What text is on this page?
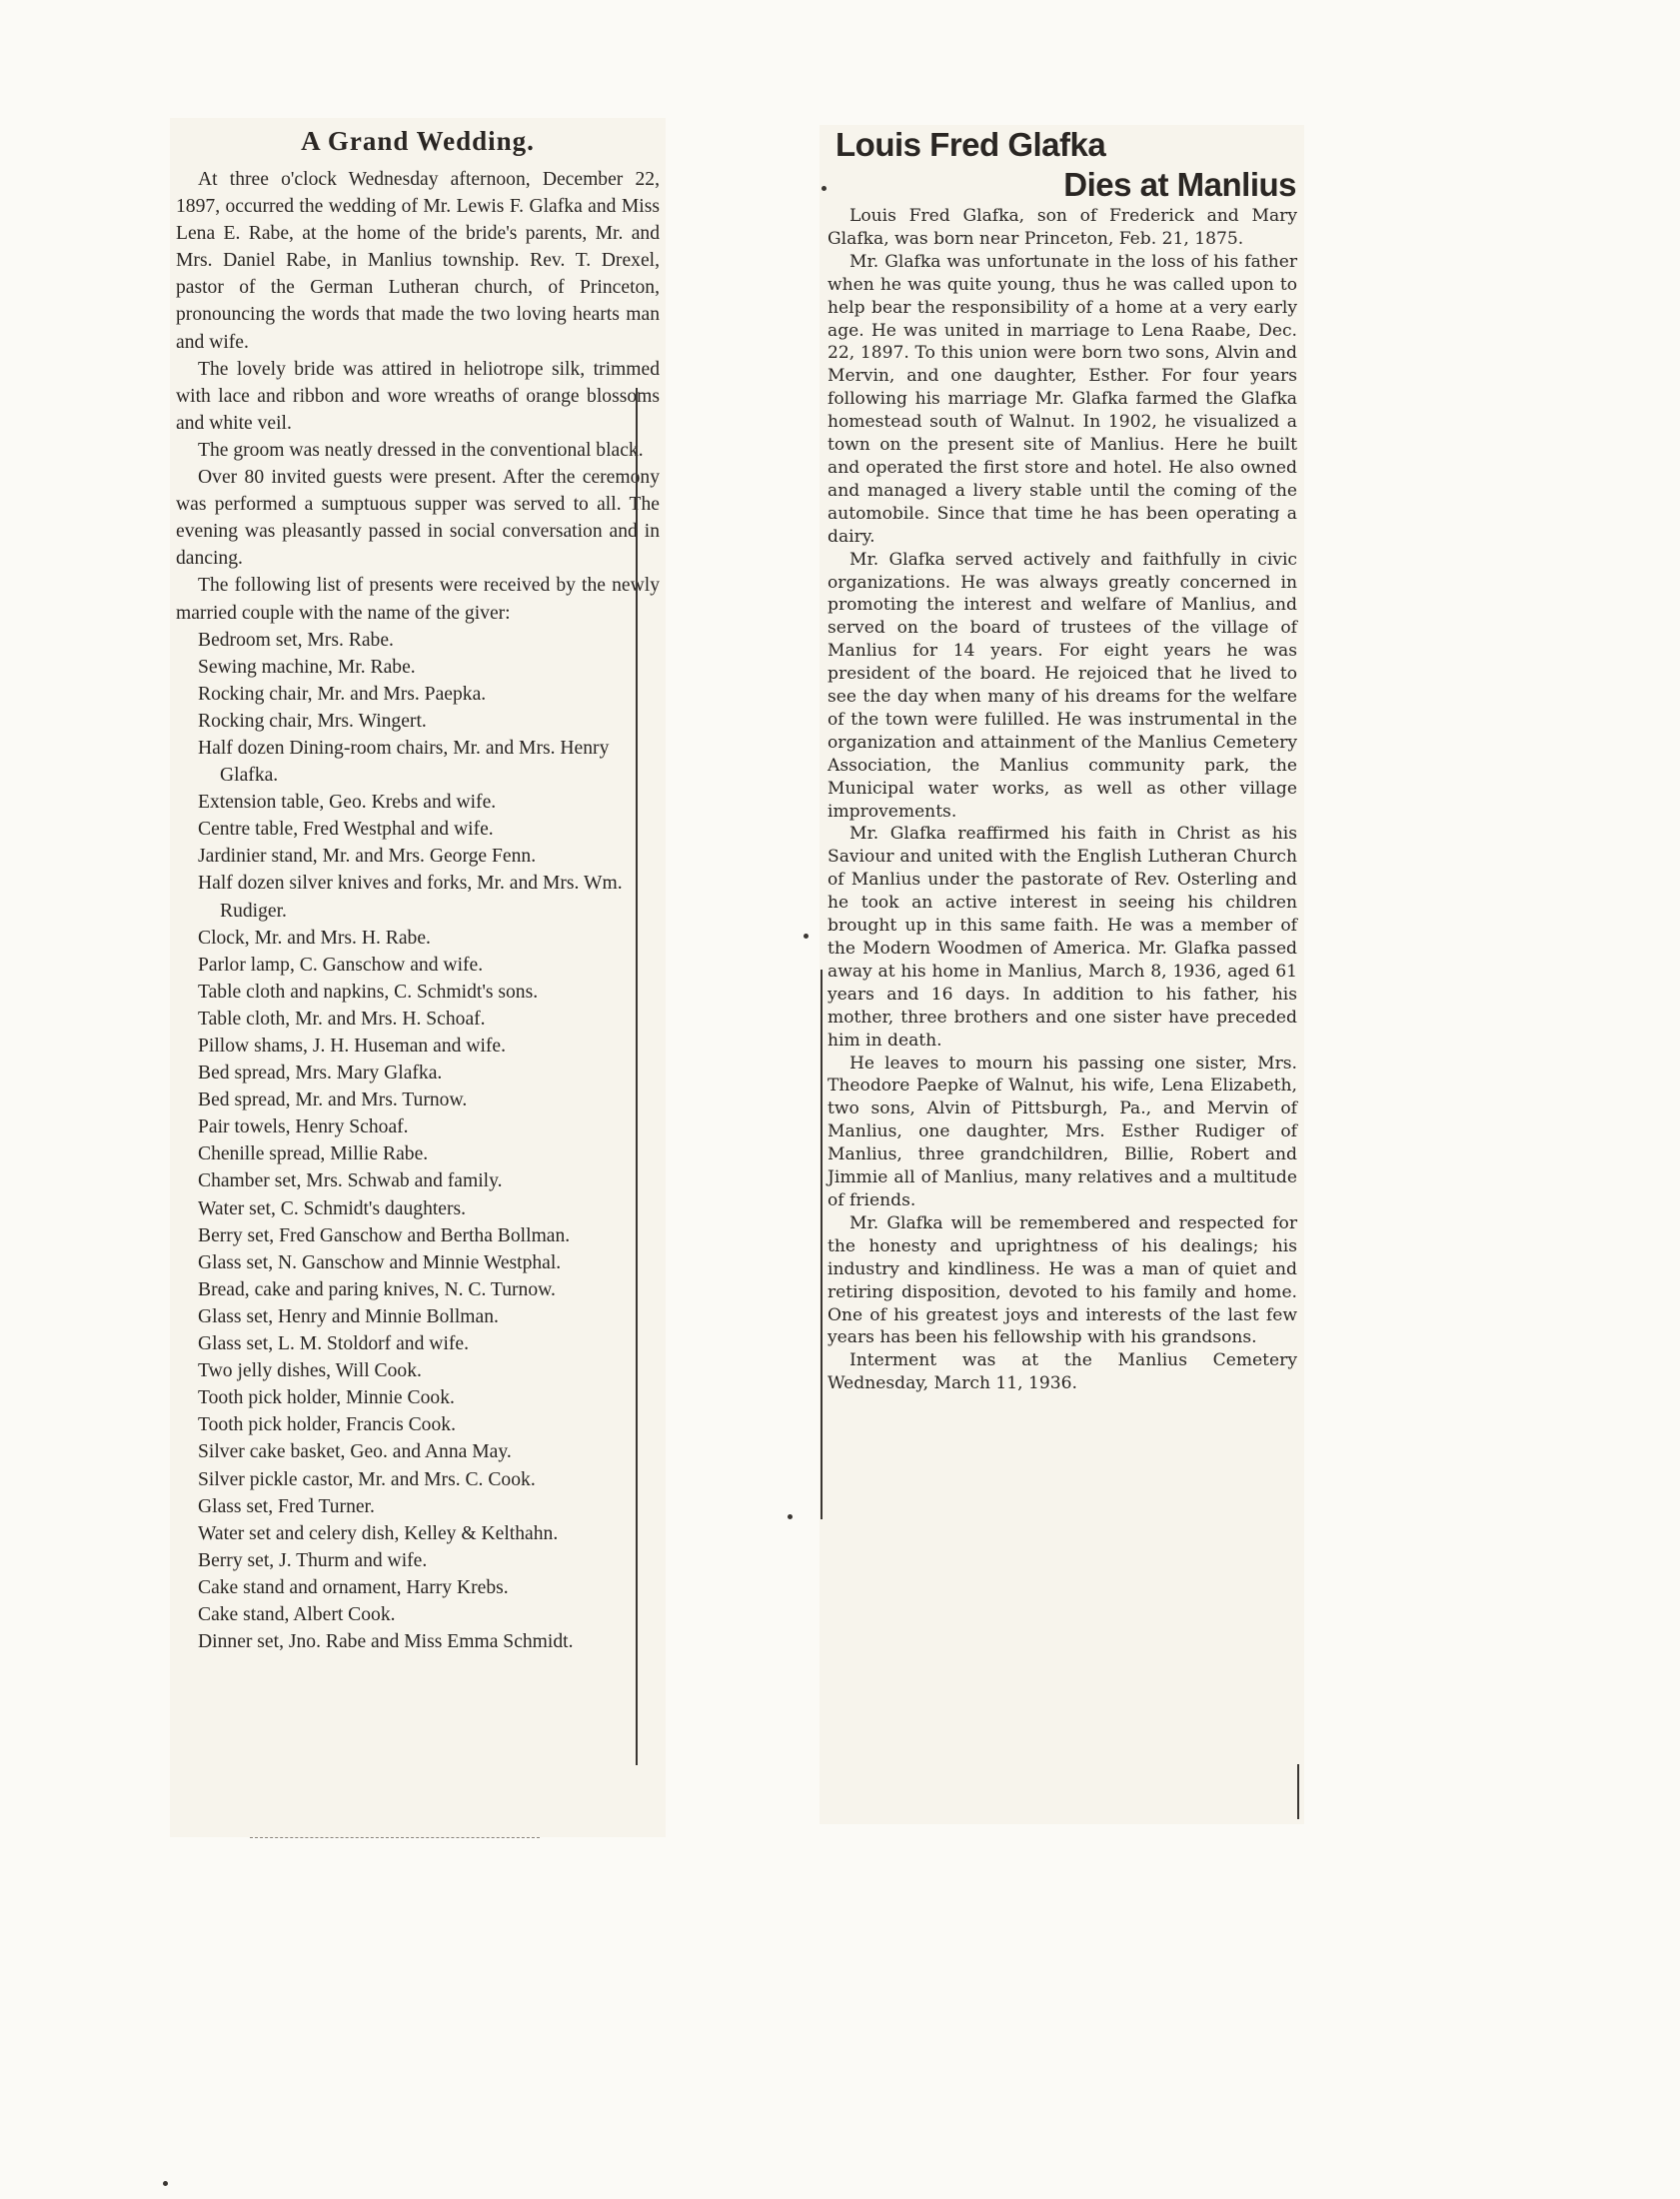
A Grand Wedding.

At three o'clock Wednesday afternoon, December 22, 1897, occurred the wedding of Mr. Lewis F. Glafka and Miss Lena E. Rabe, at the home of the bride's parents, Mr. and Mrs. Daniel Rabe, in Manlius township. Rev. T. Drexel, pastor of the German Lutheran church, of Princeton, pronouncing the words that made the two loving hearts man and wife.

The lovely bride was attired in heliotrope silk, trimmed with lace and ribbon and wore wreaths of orange blossoms and white veil.

The groom was neatly dressed in the conventional black.

Over 80 invited guests were present. After the ceremony was performed a sumptuous supper was served to all. The evening was pleasantly passed in social conversation and in dancing.

The following list of presents were received by the newly married couple with the name of the giver:

Bedroom set, Mrs. Rabe.
Sewing machine, Mr. Rabe.
Rocking chair, Mr. and Mrs. Paepka.
Rocking chair, Mrs. Wingert.
Half dozen Dining-room chairs, Mr. and Mrs. Henry Glafka.
Extension table, Geo. Krebs and wife.
Centre table, Fred Westphal and wife.
Jardinier stand, Mr. and Mrs. George Fenn.
Half dozen silver knives and forks, Mr. and Mrs. Wm. Rudiger.
Clock, Mr. and Mrs. H. Rabe.
Parlor lamp, C. Ganschow and wife.
Table cloth and napkins, C. Schmidt's sons.
Table cloth, Mr. and Mrs. H. Schoaf.
Pillow shams, J. H. Huseman and wife.
Bed spread, Mrs. Mary Glafka.
Bed spread, Mr. and Mrs. Turnow.
Pair towels, Henry Schoaf.
Chenille spread, Millie Rabe.
Chamber set, Mrs. Schwab and family.
Water set, C. Schmidt's daughters.
Berry set, Fred Ganschow and Bertha Bollman.
Glass set, N. Ganschow and Minnie Westphal.
Bread, cake and paring knives, N. C. Turnow.
Glass set, Henry and Minnie Bollman.
Glass set, L. M. Stoldorf and wife.
Two jelly dishes, Will Cook.
Tooth pick holder, Minnie Cook.
Tooth pick holder, Francis Cook.
Silver cake basket, Geo. and Anna May.
Silver pickle castor, Mr. and Mrs. C. Cook.
Glass set, Fred Turner.
Water set and celery dish, Kelley & Kelthahn.
Berry set, J. Thurm and wife.
Cake stand and ornament, Harry Krebs.
Cake stand, Albert Cook.
Dinner set, Jno. Rabe and Miss Emma Schmidt.
Louis Fred Glafka
Dies at Manlius

Louis Fred Glafka, son of Frederick and Mary Glafka, was born near Princeton, Feb. 21, 1875.

Mr. Glafka was unfortunate in the loss of his father when he was quite young, thus he was called upon to help bear the responsibility of a home at a very early age. He was united in marriage to Lena Raabe, Dec. 22, 1897. To this union were born two sons, Alvin and Mervin, and one daughter, Esther. For four years following his marriage Mr. Glafka farmed the Glafka homestead south of Walnut. In 1902, he visualized a town on the present site of Manlius. Here he built and operated the first store and hotel. He also owned and managed a livery stable until the coming of the automobile. Since that time he has been operating a dairy.

Mr. Glafka served actively and faithfully in civic organizations. He was always greatly concerned in promoting the interest and welfare of Manlius, and served on the board of trustees of the village of Manlius for 14 years. For eight years he was president of the board. He rejoiced that he lived to see the day when many of his dreams for the welfare of the town were fulilled. He was instrumental in the organization and attainment of the Manlius Cemetery Association, the Manlius community park, the Municipal water works, as well as other village improvements.

Mr. Glafka reaffirmed his faith in Christ as his Saviour and united with the English Lutheran Church of Manlius under the pastorate of Rev. Osterling and he took an active interest in seeing his children brought up in this same faith. He was a member of the Modern Woodmen of America. Mr. Glafka passed away at his home in Manlius, March 8, 1936, aged 61 years and 16 days. In addition to his father, his mother, three brothers and one sister have preceded him in death.

He leaves to mourn his passing one sister, Mrs. Theodore Paepke of Walnut, his wife, Lena Elizabeth, two sons, Alvin of Pittsburgh, Pa., and Mervin of Manlius, one daughter, Mrs. Esther Rudiger of Manlius, three grandchildren, Billie, Robert and Jimmie all of Manlius, many relatives and a multitude of friends.

Mr. Glafka will be remembered and respected for the honesty and uprightness of his dealings; his industry and kindliness. He was a man of quiet and retiring disposition, devoted to his family and home. One of his greatest joys and interests of the last few years has been his fellowship with his grandsons.

Interment was at the Manlius Cemetery Wednesday, March 11, 1936.
